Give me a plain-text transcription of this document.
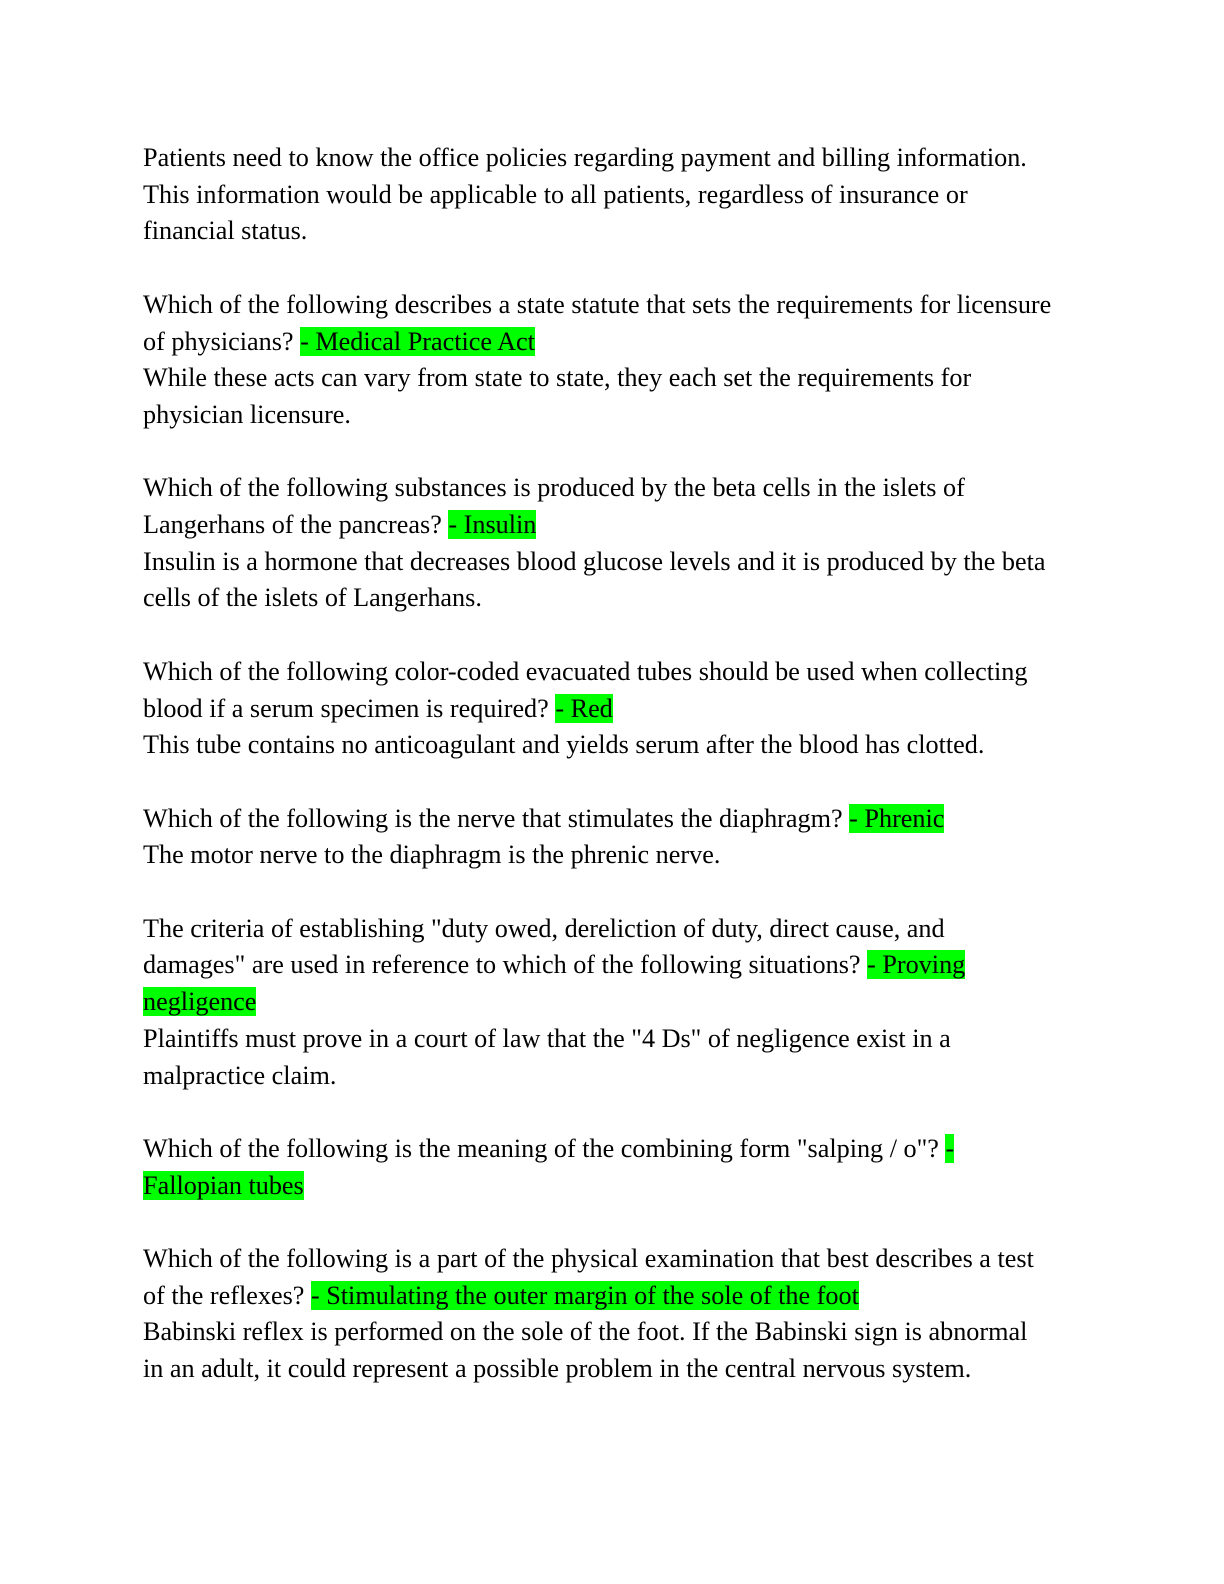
Patients need to know the office policies regarding payment and billing information. This information would be applicable to all patients, regardless of insurance or financial status.

Which of the following describes a state statute that sets the requirements for licensure of physicians? - Medical Practice Act

While these acts can vary from state to state, they each set the requirements for physician licensure.

Which of the following substances is produced by the beta cells in the islets of Langerhans of the pancreas? - Insulin

Insulin is a hormone that decreases blood glucose levels and it is produced by the beta cells of the islets of Langerhans.

Which of the following color-coded evacuated tubes should be used when collecting blood if a serum specimen is required? - Red

This tube contains no anticoagulant and yields serum after the blood has clotted.

Which of the following is the nerve that stimulates the diaphragm? - Phrenic

The motor nerve to the diaphragm is the phrenic nerve.

The criteria of establishing "duty owed, dereliction of duty, direct cause, and damages" are used in reference to which of the following situations? - Proving negligence

Plaintiffs must prove in a court of law that the "4 Ds" of negligence exist in a malpractice claim.

Which of the following is the meaning of the combining form "salping / o"? - Fallopian tubes

Which of the following is a part of the physical examination that best describes a test of the reflexes? - Stimulating the outer margin of the sole of the foot

Babinski reflex is performed on the sole of the foot. If the Babinski sign is abnormal in an adult, it could represent a possible problem in the central nervous system.
